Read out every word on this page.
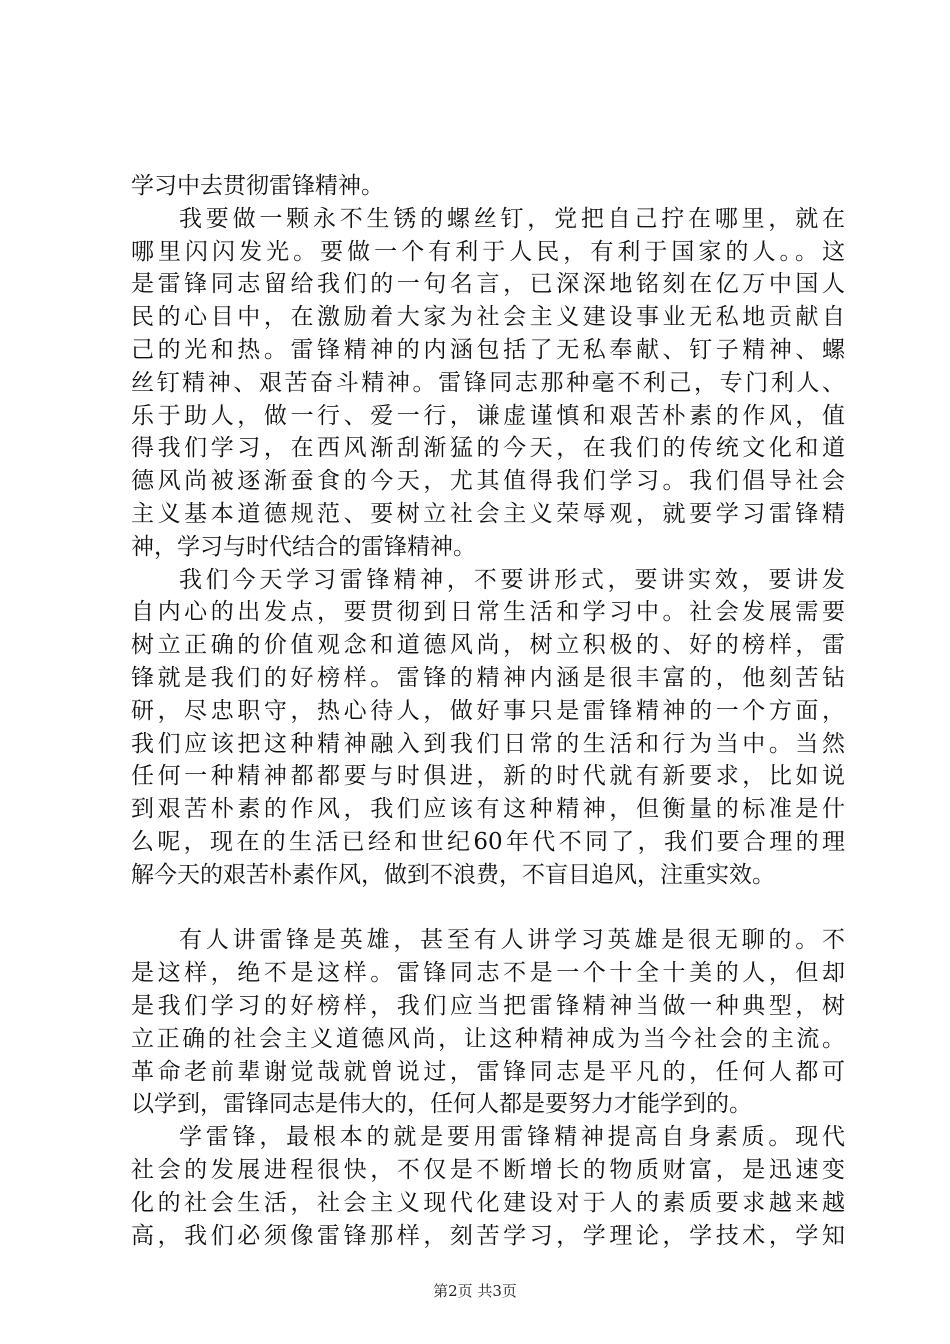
学习中去贯彻雷锋精神。
我要做一颗永不生锈的螺丝钉，党把自己拧在哪里，就在
哪里闪闪发光。要做一个有利于人民，有利于国家的人。。这
是雷锋同志留给我们的一句名言，已深深地铭刻在亿万中国人
民的心目中，在激励着大家为社会主义建设事业无私地贡献自
己的光和热。雷锋精神的内涵包括了无私奉献、钉子精神、螺
丝钉精神、艰苦奋斗精神。雷锋同志那种毫不利己，专门利人、
乐于助人，做一行、爱一行，谦虚谨慎和艰苦朴素的作风，值
得我们学习，在西风渐刮渐猛的今天，在我们的传统文化和道
德风尚被逐渐蚕食的今天，尤其值得我们学习。我们倡导社会
主义基本道德规范、要树立社会主义荣辱观，就要学习雷锋精
神，学习与时代结合的雷锋精神。
我们今天学习雷锋精神，不要讲形式，要讲实效，要讲发
自内心的出发点，要贯彻到日常生活和学习中。社会发展需要
树立正确的价值观念和道德风尚，树立积极的、好的榜样，雷
锋就是我们的好榜样。雷锋的精神内涵是很丰富的，他刻苦钻
研，尽忠职守，热心待人，做好事只是雷锋精神的一个方面，
我们应该把这种精神融入到我们日常的生活和行为当中。当然
任何一种精神都都要与时俱进，新的时代就有新要求，比如说
到艰苦朴素的作风，我们应该有这种精神，但衡量的标准是什
么呢，现在的生活已经和世纪60年代不同了，我们要合理的理
解今天的艰苦朴素作风，做到不浪费，不盲目追风，注重实效。
有人讲雷锋是英雄，甚至有人讲学习英雄是很无聊的。不
是这样，绝不是这样。雷锋同志不是一个十全十美的人，但却
是我们学习的好榜样，我们应当把雷锋精神当做一种典型，树
立正确的社会主义道德风尚，让这种精神成为当今社会的主流。
革命老前辈谢觉哉就曾说过，雷锋同志是平凡的，任何人都可
以学到，雷锋同志是伟大的，任何人都是要努力才能学到的。
学雷锋，最根本的就是要用雷锋精神提高自身素质。现代
社会的发展进程很快，不仅是不断增长的物质财富，是迅速变
化的社会生活，社会主义现代化建设对于人的素质要求越来越
高，我们必须像雷锋那样，刻苦学习，学理论，学技术，学知
第2页 共3页
